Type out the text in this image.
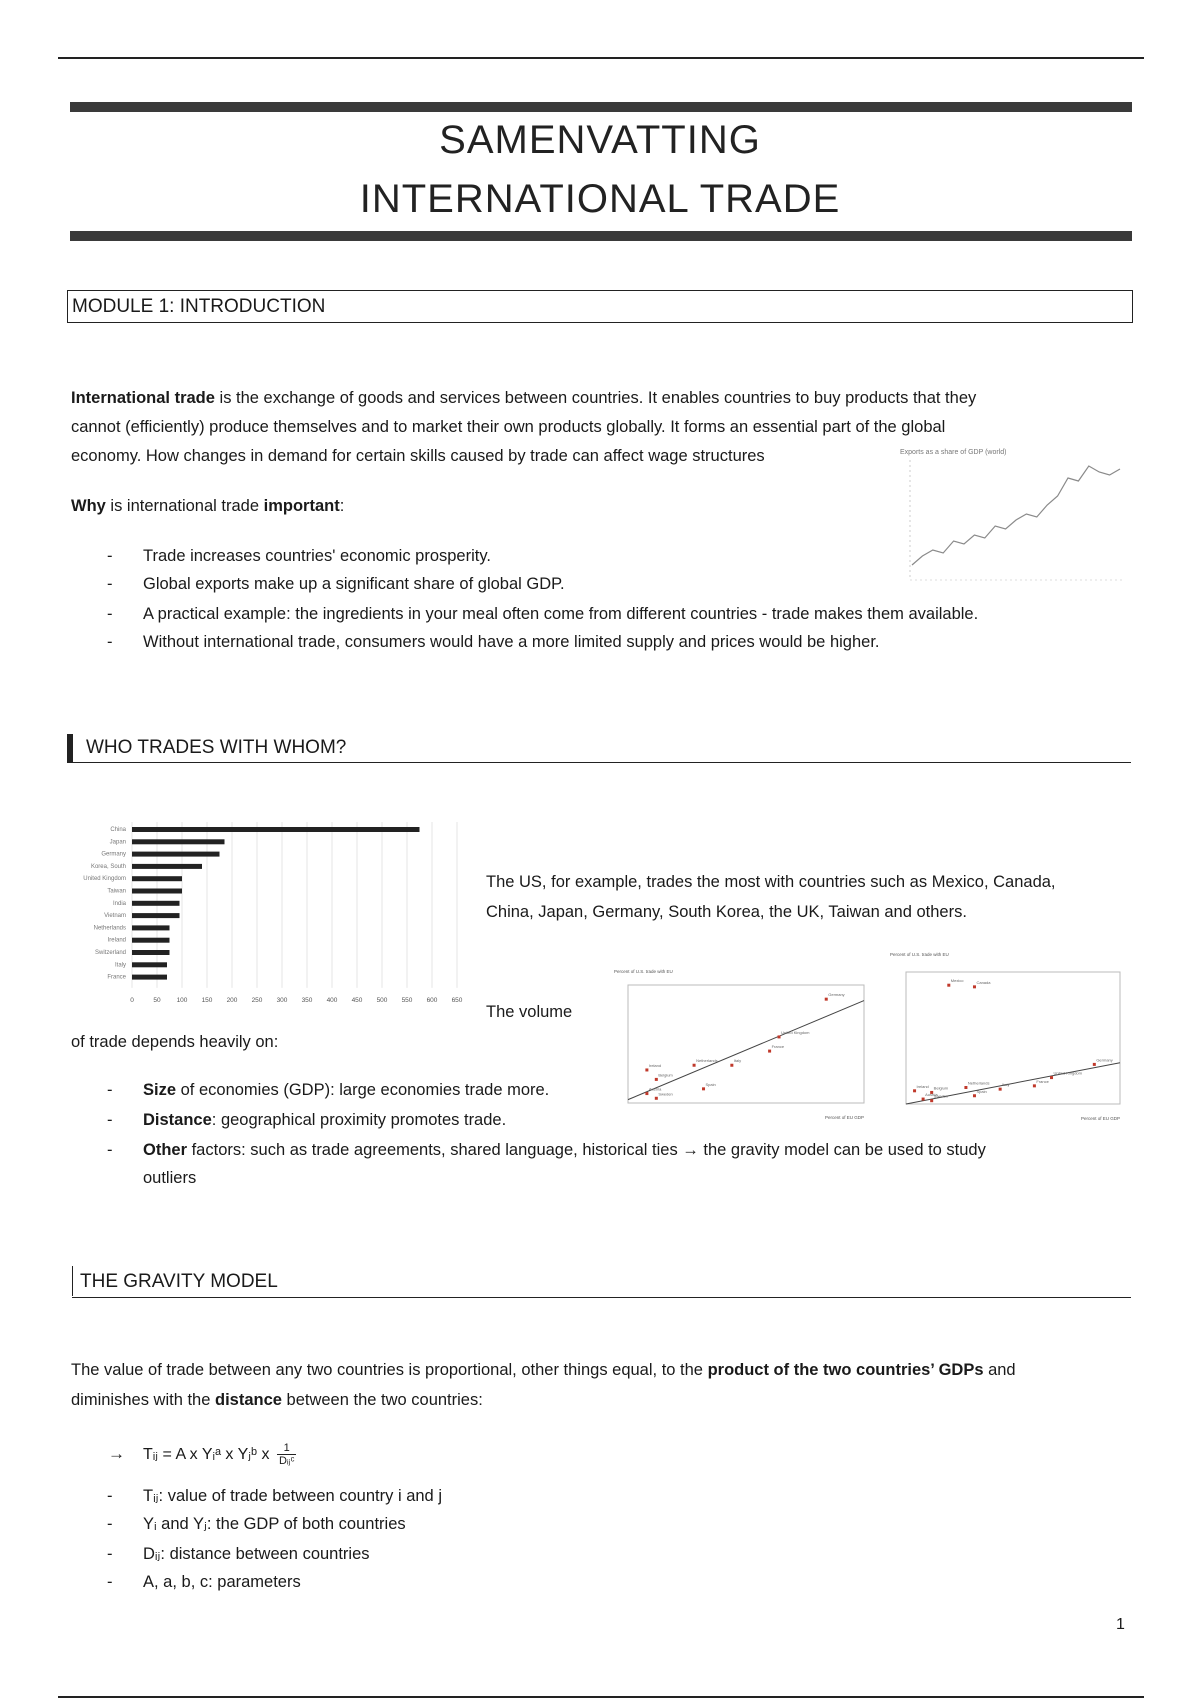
SAMENVATTING
INTERNATIONAL TRADE
MODULE 1: INTRODUCTION
International trade is the exchange of goods and services between countries. It enables countries to buy products that they
cannot (efficiently) produce themselves and to market their own products globally. It forms an essential part of the global
economy. How changes in demand for certain skills caused by trade can affect wage structures	Exports as a share of GDP (world)
Why is international trade important:
- Trade increases countries' economic prosperity.
- Global exports make up a significant share of global GDP.
- A practical example: the ingredients in your meal often come from different countries - trade makes them available.
- Without international trade, consumers would have a more limited supply and prices would be higher.
WHO TRADES WITH WHOM?
0	50 100 150 200 250 300 350 400 450 500 550 600 650
China
Japan
Germany
Korea, South
United Kingdom
Taiwan
India
Vietnam
Netherlands
Ireland
Switzerland
Italy
France
The US, for example, trades the most with countries such as Mexico, Canada,
China, Japan, Germany, South Korea, the UK, Taiwan and others.
Percent of U.S. trade with EU
Percent of EU GDP
Germany
United Kingdom
France
Italy
Netherlands
Ireland
Belgium
Spain
Austria
Sweden
Percent of U.S. trade with EU
Percent of EU GDP
Mexico	Canada
Germany
United Kingdom
France
Italy
Netherlands
Belgium
Ireland
Spain
Austria
Sweden
The volume
of trade depends heavily on:
- Size of economies (GDP): large economies trade more.
- Distance: geographical proximity promotes trade.
- Other factors: such as trade agreements, shared language, historical ties → the gravity model can be used to study
outliers
THE GRAVITY MODEL
The value of trade between any two countries is proportional, other things equal, to the product of the two countries’ GDPs and
diminishes with the distance between the two countries:
→ Tᵢⱼ = A x Yᵢᵃ x Yⱼᵇ x	1
Dᵢⱼᶜ
- Tᵢⱼ: value of trade between country i and j
- Yᵢ and Yⱼ: the GDP of both countries
- Dᵢⱼ: distance between countries
- A, a, b, c: parameters
1
